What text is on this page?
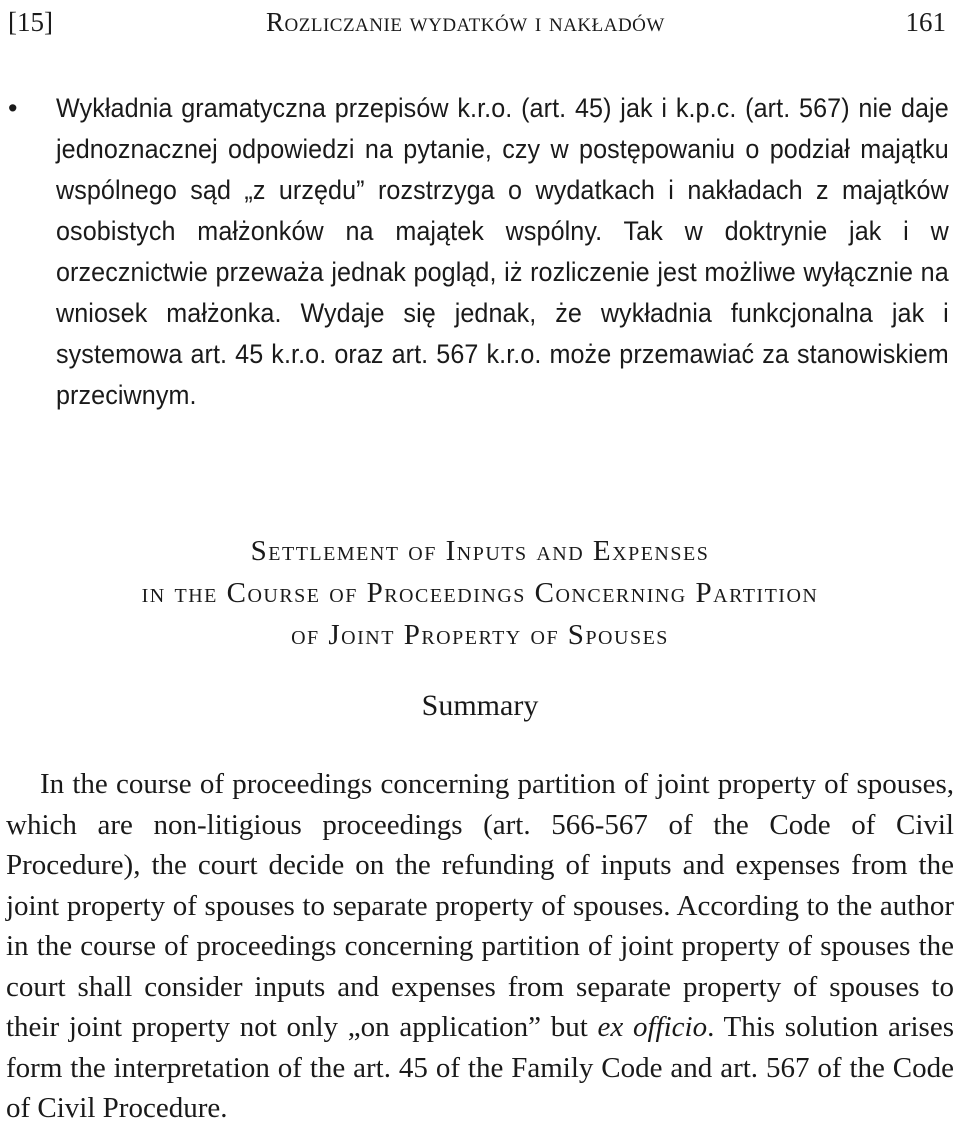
[15]	Rozliczanie wydatków i nakładów	161
• Wykładnia gramatyczna przepisów k.r.o. (art. 45) jak i k.p.c. (art. 567) nie daje jednoznacznej odpowiedzi na pytanie, czy w postępowaniu o podział majątku wspólnego sąd „z urzędu” rozstrzyga o wydatkach i nakładach z majątków osobistych małżonków na majątek wspólny. Tak w doktrynie jak i w orzecznictwie przeważa jednak pogląd, iż rozliczenie jest możliwe wyłącznie na wniosek małżonka. Wydaje się jednak, że wykładnia funkcjonalna jak i systemowa art. 45 k.r.o. oraz art. 567 k.r.o. może przemawiać za stanowiskiem przeciwnym.
Settlement of Inputs and Expenses
in the Course of Proceedings Concerning Partition
of Joint Property of Spouses
Summary
In the course of proceedings concerning partition of joint property of spouses, which are non-litigious proceedings (art. 566-567 of the Code of Civil Procedure), the court decide on the refunding of inputs and expenses from the joint property of spouses to separate property of spouses. According to the author in the course of proceedings concerning partition of joint property of spouses the court shall consider inputs and expenses from separate property of spouses to their joint property not only „on application” but ex officio. This solution arises form the interpretation of the art. 45 of the Family Code and art. 567 of the Code of Civil Procedure.
